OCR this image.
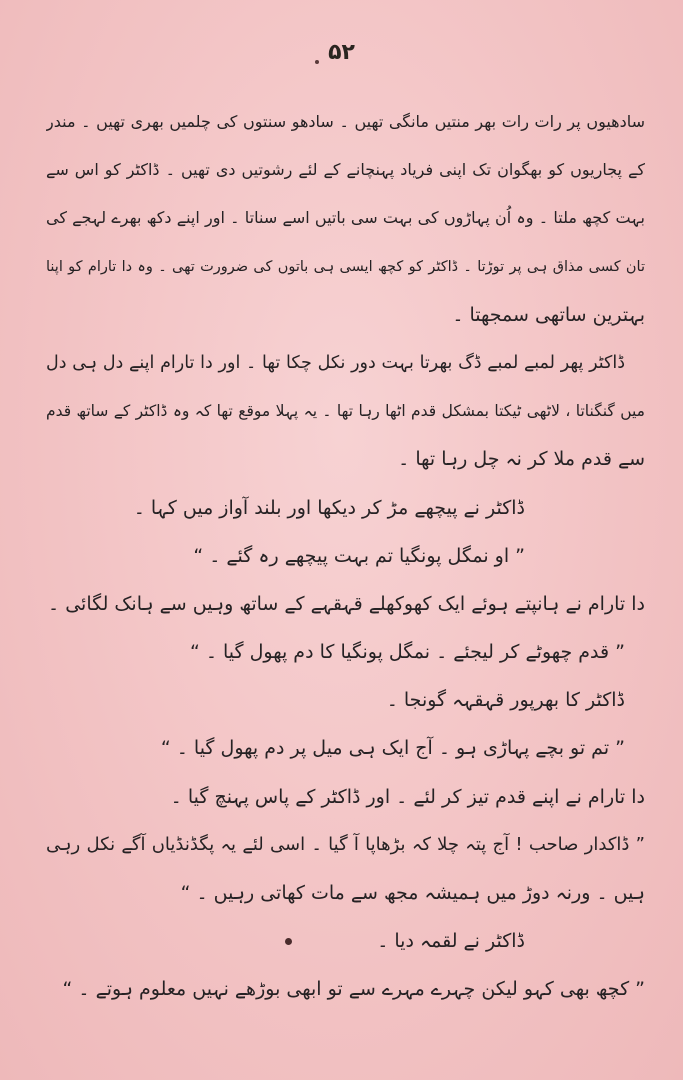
۵۲
سادھیوں پر رات رات بھر منتیں مانگی تھیں ۔ سادھو سنتوں کی چلمیں بھری تھیں ۔ مندر
کے پجاریوں کو بھگوان تک اپنی فریاد پہنچانے کے لئے رشوتیں دی تھیں ۔ ڈاکٹر کو اس سے
بہت کچھ ملتا ۔ وہ اُن پہاڑوں کی بہت سی باتیں اسے سناتا ۔ اور اپنے دکھ بھرے لہجے کی
تان کسی مذاق ہی پر توڑتا ۔ ڈاکٹر کو کچھ ایسی ہی باتوں کی ضرورت تھی ۔ وہ دا تارام کو اپنا
بہترین ساتھی سمجھتا ۔
ڈاکٹر پھر لمبے لمبے ڈگ بھرتا بہت دور نکل چکا تھا ۔ اور دا تارام اپنے دل ہی دل
میں گنگناتا ، لاٹھی ٹیکتا بمشکل قدم اٹھا رہا تھا ۔ یہ پہلا موقع تھا کہ وہ ڈاکٹر کے ساتھ قدم
سے قدم ملا کر نہ چل رہا تھا ۔
ڈاکٹر نے پیچھے مڑ کر دیکھا اور بلند آواز میں کہا ۔
” او نمگل پونگیا تم بہت پیچھے رہ گئے ۔ “
دا تارام نے ہانپتے ہوئے ایک کھوکھلے قہقہے کے ساتھ وہیں سے ہانک لگائی ۔
” قدم چھوٹے کر لیجئے ۔ نمگل پونگیا کا دم پھول گیا ۔ “
ڈاکٹر کا بھرپور قہقہہ گونجا ۔
” تم تو بچے پہاڑی ہو ۔ آج ایک ہی میل پر دم پھول گیا ۔ “
دا تارام نے اپنے قدم تیز کر لئے ۔ اور ڈاکٹر کے پاس پہنچ گیا ۔
” ڈاکدار صاحب ! آج پتہ چلا کہ بڑھاپا آ گیا ۔ اسی لئے یہ پگڈنڈیاں آگے نکل رہی
ہیں ۔ ورنہ دوڑ میں ہمیشہ مجھ سے مات کھاتی رہیں ۔ “
ڈاکٹر نے لقمہ دیا ۔
” کچھ بھی کہو لیکن چہرے مہرے سے تو ابھی بوڑھے نہیں معلوم ہوتے ۔ “
